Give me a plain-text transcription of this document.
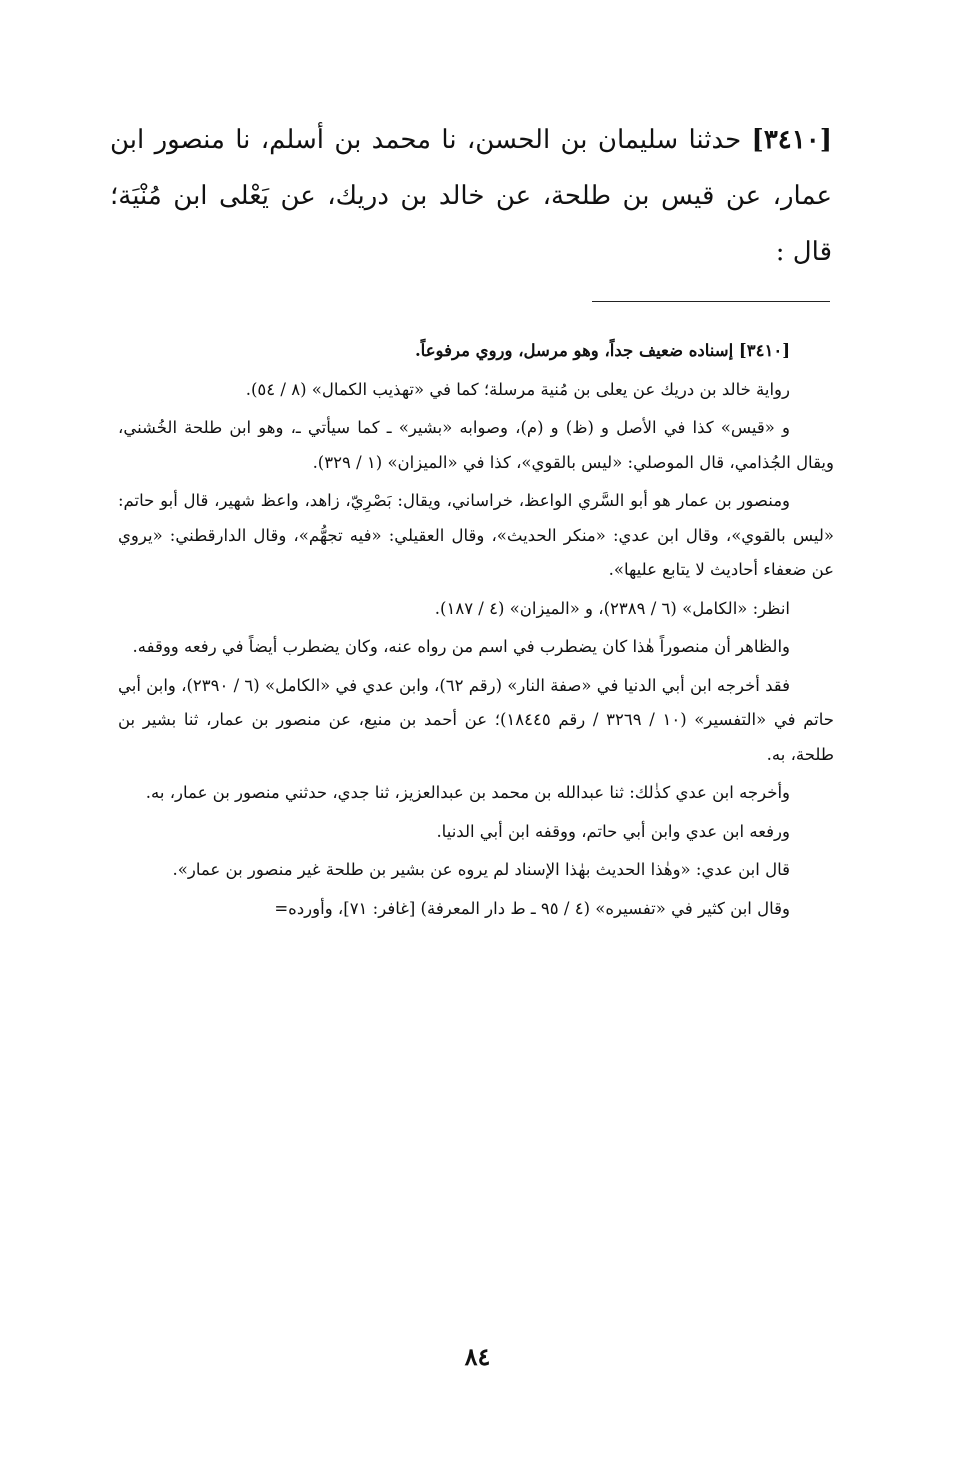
[٣٤١٠] حدثنا سليمان بن الحسن، نا محمد بن أسلم، نا منصور ابن عمار، عن قيس بن طلحة، عن خالد بن دريك، عن يَعْلى ابن مُنْيَة؛ قال :

[٣٤١٠] إسناده ضعيف جداً، وهو مرسل، وروي مرفوعاً.

رواية خالد بن دريك عن يعلى بن مُنية مرسلة؛ كما في «تهذيب الكمال» (٨ / ٥٤).

و «قيس» كذا في الأصل و (ظ) و (م)، وصوابه «بشير» ـ كما سيأتي ـ، وهو ابن طلحة الخُشني، ويقال الجُذامي، قال الموصلي: «ليس بالقوي»، كذا في «الميزان» (١ / ٣٢٩).

ومنصور بن عمار هو أبو السَّري الواعظ، خراساني، ويقال: بَصْرِيّ، زاهد، واعظ شهير، قال أبو حاتم: «ليس بالقوي»، وقال ابن عدي: «منكر الحديث»، وقال العقيلي: «فيه تجهُّم»، وقال الدارقطني: «يروي عن ضعفاء أحاديث لا يتابع عليها».

انظر: «الكامل» (٦ / ٢٣٨٩)، و «الميزان» (٤ / ١٨٧).

والظاهر أن منصوراً هٰذا كان يضطرب في اسم من رواه عنه، وكان يضطرب أيضاً في رفعه ووقفه.

فقد أخرجه ابن أبي الدنيا في «صفة النار» (رقم ٦٢)، وابن عدي في «الكامل» (٦ / ٢٣٩٠)، وابن أبي حاتم في «التفسير» (١٠ / ٣٢٦٩ / رقم ١٨٤٤٥)؛ عن أحمد بن منيع، عن منصور بن عمار، ثنا بشير بن طلحة، به.

وأخرجه ابن عدي كذٰلك: ثنا عبدالله بن محمد بن عبدالعزيز، ثنا جدي، حدثني منصور بن عمار، به.

ورفعه ابن عدي وابن أبي حاتم، ووقفه ابن أبي الدنيا.

قال ابن عدي: «وهٰذا الحديث بهٰذا الإسناد لم يروه عن بشير بن طلحة غير منصور بن عمار».

وقال ابن كثير في «تفسيره» (٤ / ٩٥ ـ ط دار المعرفة) [غافر: ٧١]، وأورده=

٨٤
